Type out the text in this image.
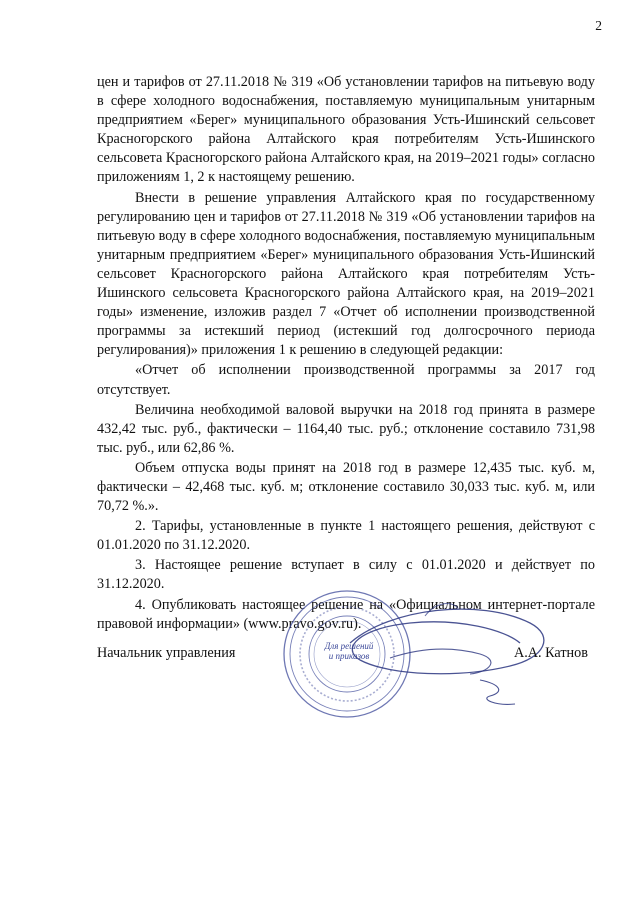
2

цен и тарифов от 27.11.2018 № 319 «Об установлении тарифов на питьевую воду в сфере холодного водоснабжения, поставляемую муниципальным унитарным предприятием «Берег» муниципального образования Усть-Ишинский сельсовет Красногорского района Алтайского края потребителям Усть-Ишинского сельсовета Красногорского района Алтайского края, на 2019–2021 годы» согласно приложениям 1, 2 к настоящему решению.

Внести в решение управления Алтайского края по государственному регулированию цен и тарифов от 27.11.2018 № 319 «Об установлении тарифов на питьевую воду в сфере холодного водоснабжения, поставляемую муниципальным унитарным предприятием «Берег» муниципального образования Усть-Ишинский сельсовет Красногорского района Алтайского края потребителям Усть-Ишинского сельсовета Красногорского района Алтайского края, на 2019–2021 годы» изменение, изложив раздел 7 «Отчет об исполнении производственной программы за истекший период (истекший год долгосрочного периода регулирования)» приложения 1 к решению в следующей редакции:

«Отчет об исполнении производственной программы за 2017 год отсутствует.

Величина необходимой валовой выручки на 2018 год принята в размере 432,42 тыс. руб., фактически – 1164,40 тыс. руб.; отклонение составило 731,98 тыс. руб., или 62,86 %.

Объем отпуска воды принят на 2018 год в размере 12,435 тыс. куб. м, фактически – 42,468 тыс. куб. м; отклонение составило 30,033 тыс. куб. м, или 70,72 %.».

2. Тарифы, установленные в пункте 1 настоящего решения, действуют с 01.01.2020 по 31.12.2020.

3. Настоящее решение вступает в силу с 01.01.2020 и действует по 31.12.2020.

4. Опубликовать настоящее решение на «Официальном интернет-портале правовой информации» (www.pravo.gov.ru).

Для решений
и приказов
Начальник управления	А.А. Катнов
